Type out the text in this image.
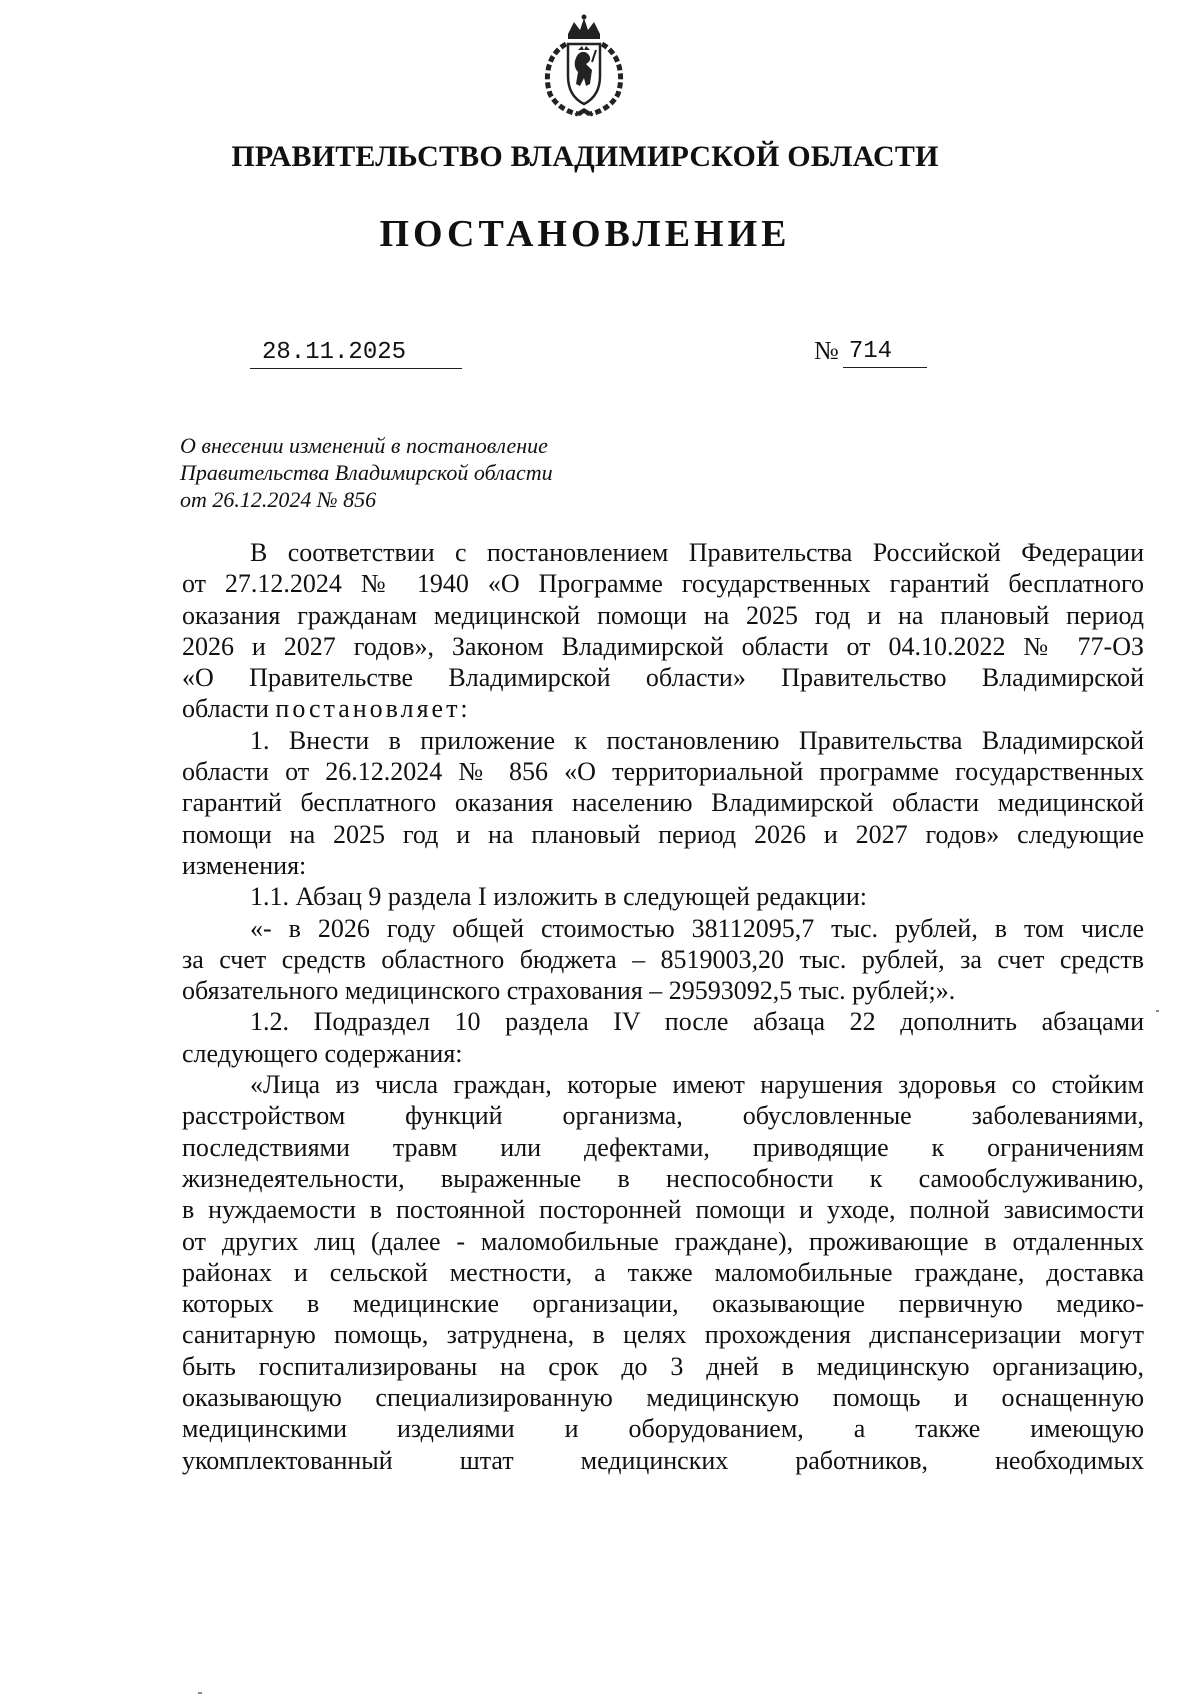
ПРАВИТЕЛЬСТВО ВЛАДИМИРСКОЙ ОБЛАСТИ
ПОСТАНОВЛЕНИЕ
28.11.2025	№ 714
О внесении изменений в постановление
Правительства Владимирской области
от 26.12.2024 № 856
В соответствии с постановлением Правительства Российской Федерации
от 27.12.2024 № 1940 «О Программе государственных гарантий бесплатного
оказания гражданам медицинской помощи на 2025 год и на плановый период
2026 и 2027 годов», Законом Владимирской области от 04.10.2022 № 77-ОЗ
«О Правительстве Владимирской области» Правительство Владимирской
области постановляет:
1. Внести в приложение к постановлению Правительства Владимирской
области от 26.12.2024 № 856 «О территориальной программе государственных
гарантий бесплатного оказания населению Владимирской области медицинской
помощи на 2025 год и на плановый период 2026 и 2027 годов» следующие
изменения:
1.1. Абзац 9 раздела I изложить в следующей редакции:
«- в 2026 году общей стоимостью 38112095,7 тыс. рублей, в том числе
за счет средств областного бюджета – 8519003,20 тыс. рублей, за счет средств
обязательного медицинского страхования – 29593092,5 тыс. рублей;».
1.2. Подраздел 10 раздела IV после абзаца 22 дополнить абзацами
следующего содержания:
«Лица из числа граждан, которые имеют нарушения здоровья со стойким
расстройством функций организма, обусловленные заболеваниями,
последствиями травм или дефектами, приводящие к ограничениям
жизнедеятельности, выраженные в неспособности к самообслуживанию,
в нуждаемости в постоянной посторонней помощи и уходе, полной зависимости
от других лиц (далее - маломобильные граждане), проживающие в отдаленных
районах и сельской местности, а также маломобильные граждане, доставка
которых в медицинские организации, оказывающие первичную медико-
санитарную помощь, затруднена, в целях прохождения диспансеризации могут
быть госпитализированы на срок до 3 дней в медицинскую организацию,
оказывающую специализированную медицинскую помощь и оснащенную
медицинскими изделиями и оборудованием, а также имеющую
укомплектованный штат медицинских работников, необходимых
